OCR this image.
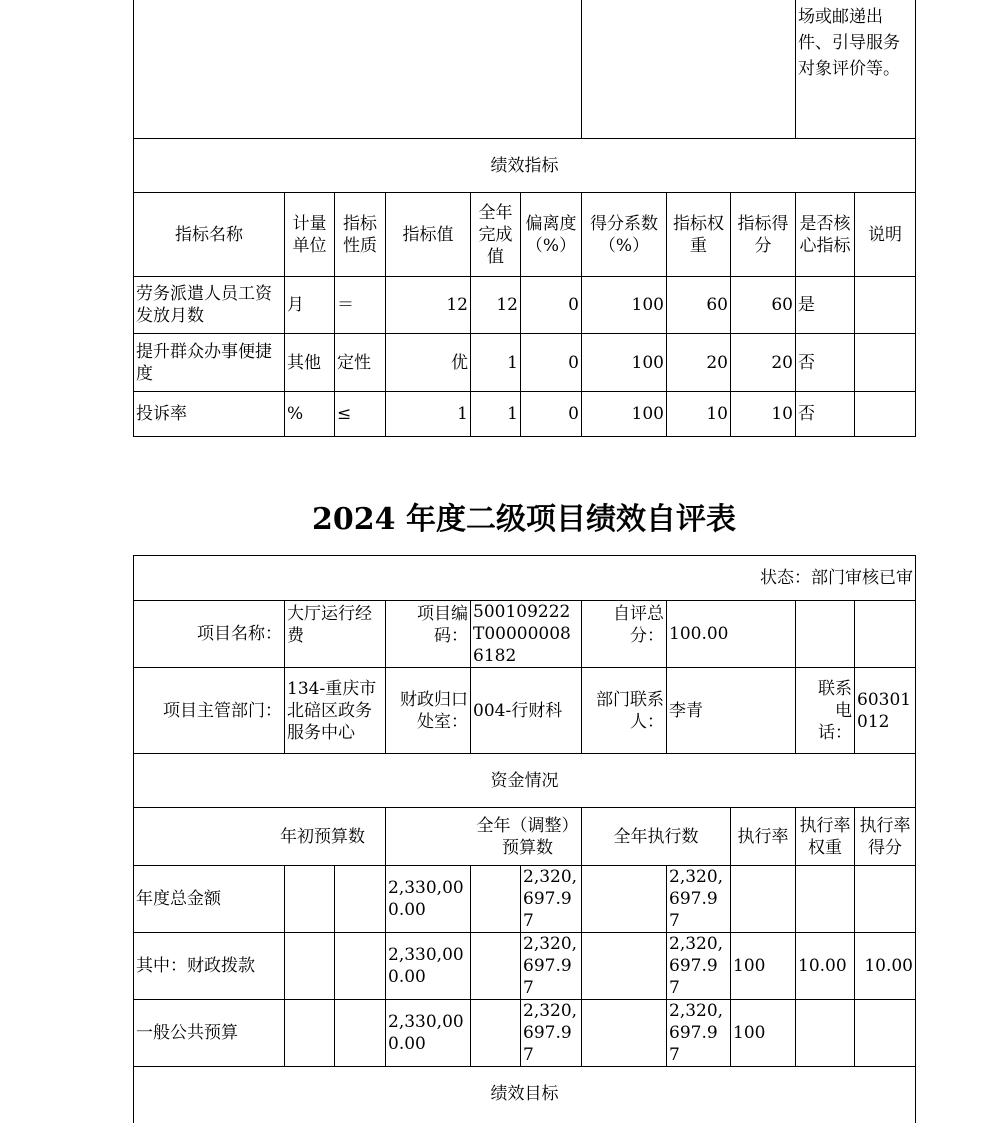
									场或邮递出件、引导服务对象评价等。	
绩效指标										
指标名称	计量单位	指标性质	指标值	全年完成值	偏离度（%）	得分系数（%）	指标权重	指标得分	是否核心指标	说明
劳务派遣人员工资发放月数	月	＝	12	12	0	100	60	60	是	
提升群众办事便捷度	其他	定性	优	1	0	100	20	20	否	
投诉率	%	≤	1	1	0	100	10	10	否	
2024 年度二级项目绩效自评表
状态：部门审核已审										
项目名称：	大厅运行经费		项目编码：	500109222T000000086182		自评总分：	100.00			
项目主管部门：	134-重庆市北碚区政务服务中心		财政归口处室：	004-行财科		部门联系人：	李青		联系电话：	60301012
资金情况										
年初预算数			全年（调整）预算数			全年执行数		执行率	执行率权重	执行率得分
年度总金额			2,330,000.00		2,320,697.97		2,320,697.97			
其中：财政拨款			2,330,000.00		2,320,697.97		2,320,697.97	100	10.00	10.00
一般公共预算			2,330,000.00		2,320,697.97		2,320,697.97	100		
绩效目标										
